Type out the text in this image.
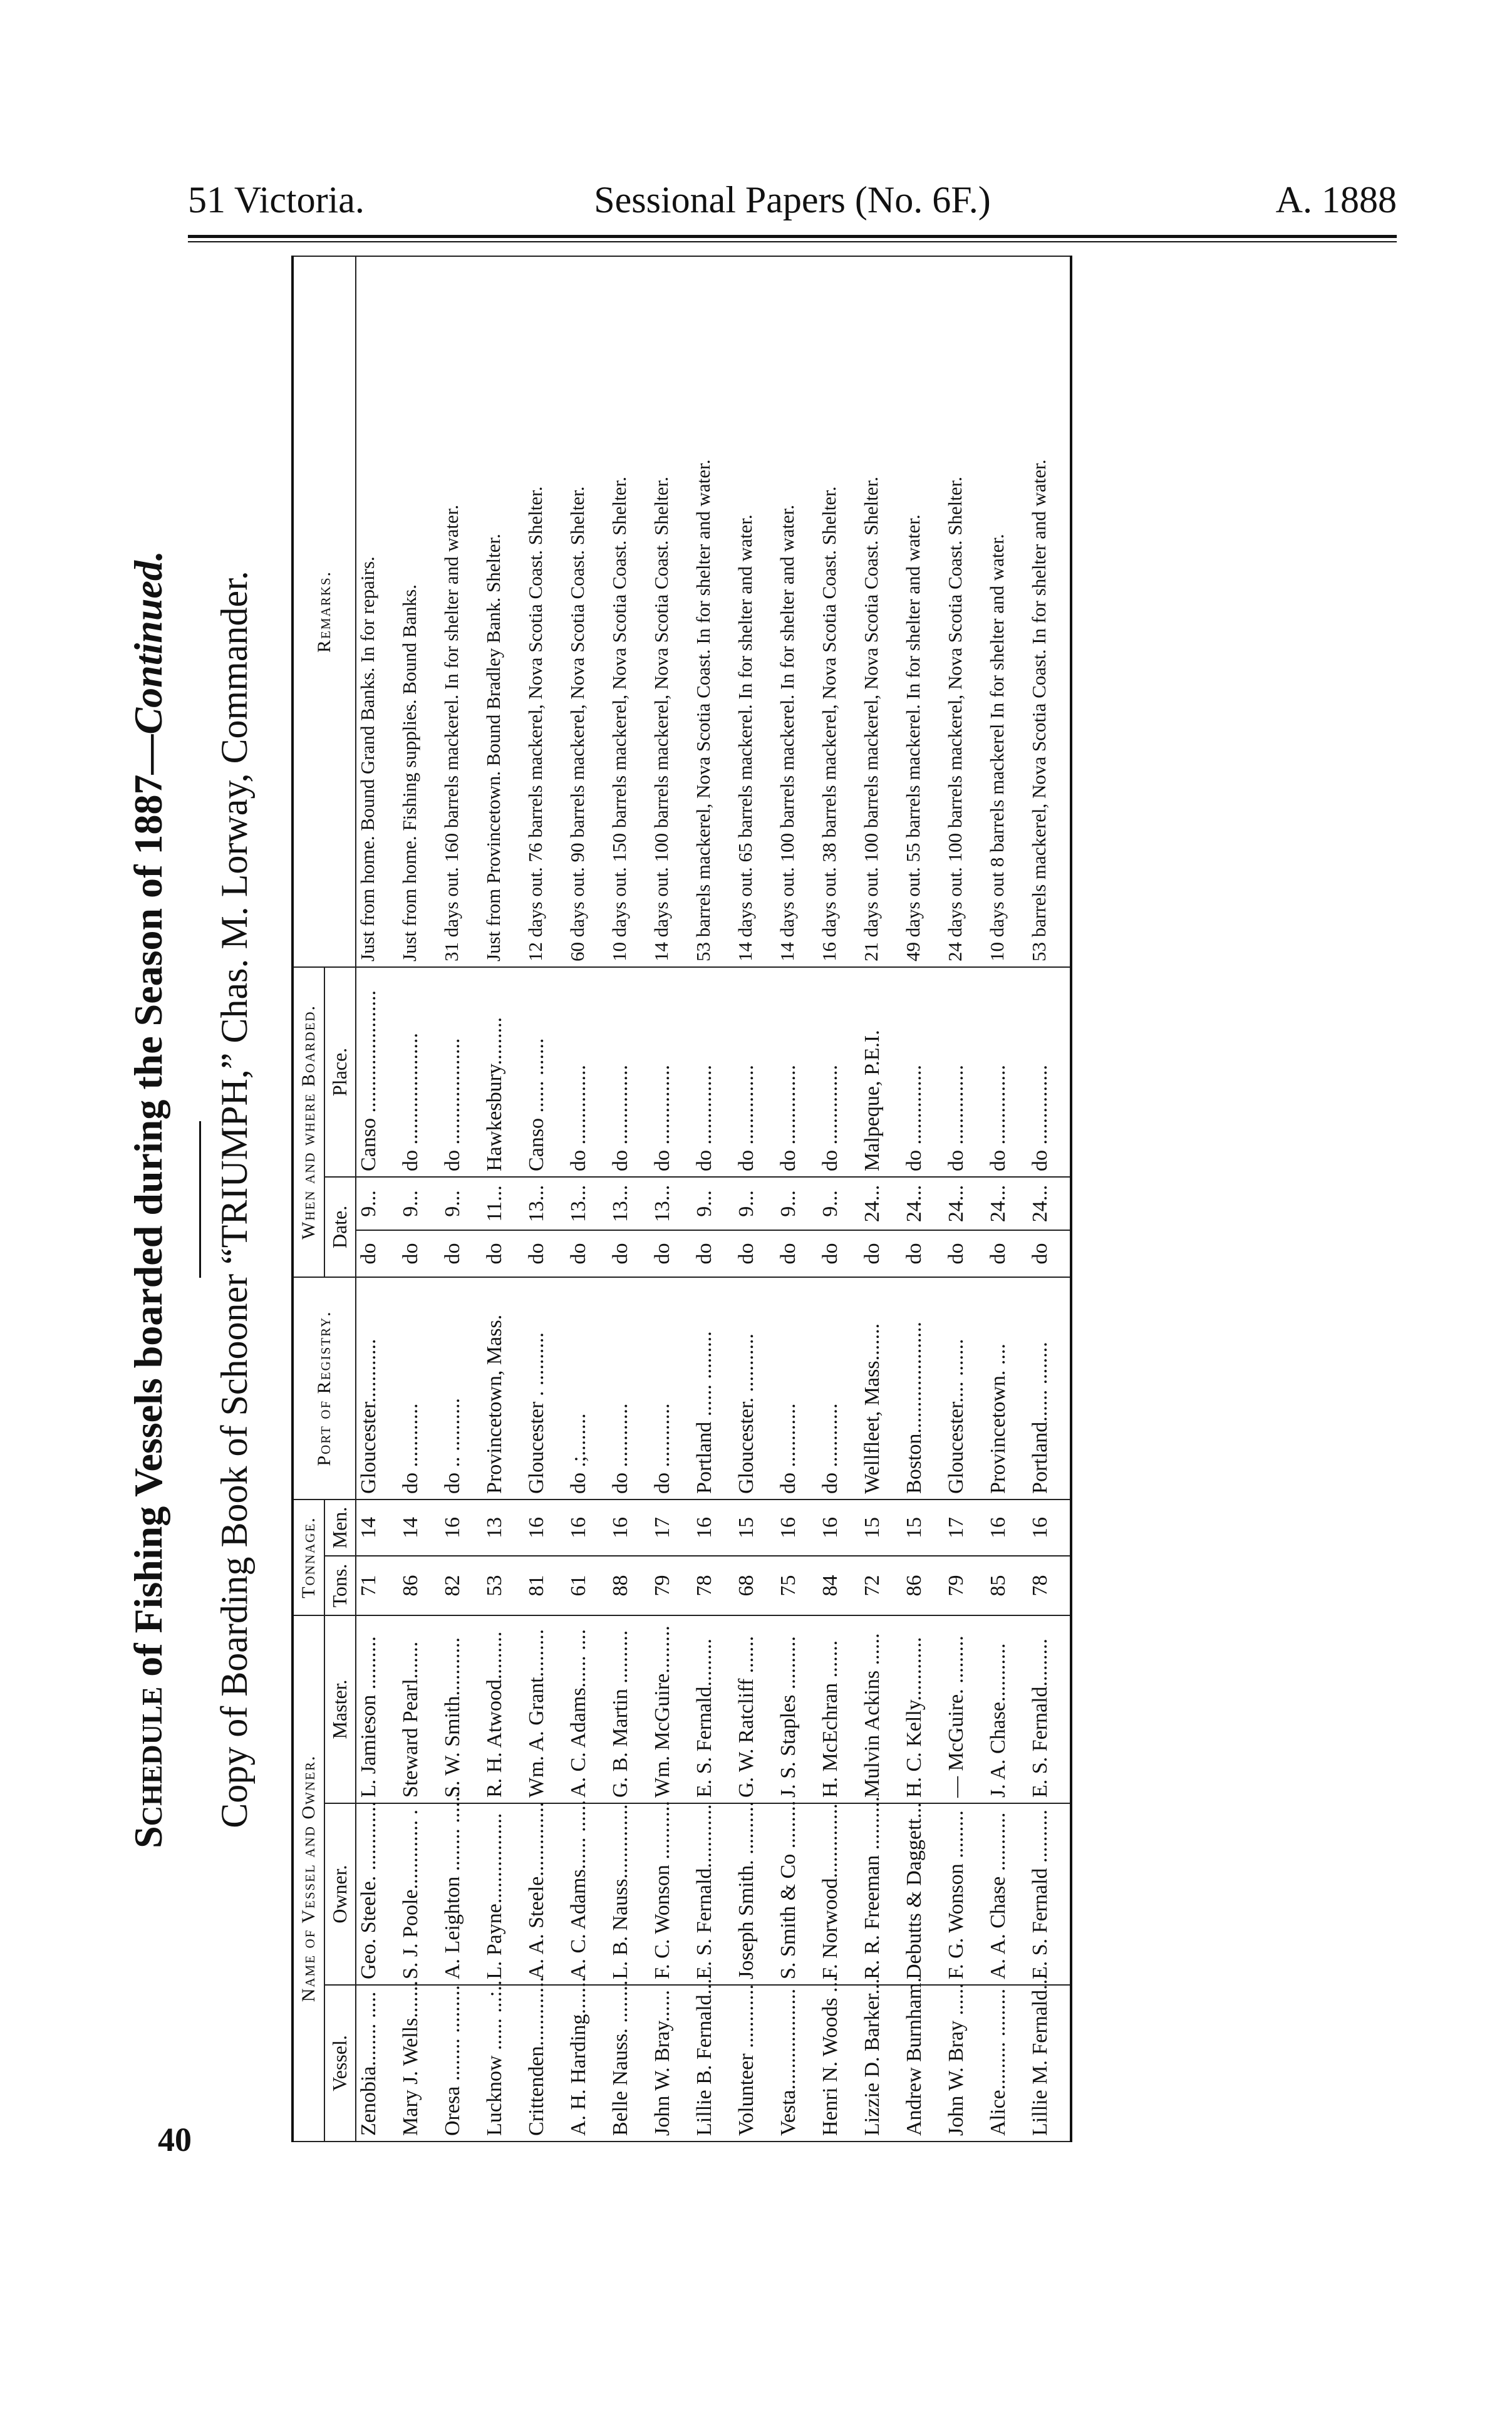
51 Victoria.	Sessional Papers (No. 6F.)	A. 1888
Schedule of Fishing Vessels boarded during the Season of 1887—Continued. Copy of Boarding Book of Schooner “TRIUMPH,” Chas. M. Lorway, Commander.
Name of Vessel and Owner.			Tonnage.		Port of Registry.	When and where Boarded.			Remarks.
Vessel.	Owner.	Master.	Tons.	Men.		Date.		Place.	
Zenobia........ .....	Geo. Steele. .............	L. Jamieson ..........	71	14	Gloucester............	do	9...	Canso .......................	Just from home. Bound Grand Banks. In for repairs.
Mary J. Wells.......	S. J. Poole............. .	Steward Pearl.......	86	14	do ............	do	9...	do .....................	Just from home. Fishing supplies. Bound Banks.
Oresa ........ .........	A. Leighton ........ .......	S. W. Smith...........	82	16	do .. ..........	do	9...	do ....................	31 days out. 160 barrels mackerel. In for shelter and water.
Lucknow ...... ...:..	L. Payne.................	R. H. Atwood.........	53	13	Provincetown, Mass.	do	11...	Hawkesbury.........	Just from Provincetown. Bound Bradley Bank. Shelter.
Crittenden.............	A. A. Steele..............	Wm. A. Grant.........	81	16	Gloucester . ..........	do	13...	Canso ...... .......	12 days out. 76 barrels mackerel, Nova Scotia Coast. Shelter.
A. H. Harding.......	A. C. Adams...... ......	A. C. Adams...... ....	61	16	do .;........	do	13...	do ...............	60 days out. 90 barrels mackerel, Nova Scotia Coast. Shelter.
Belle Nauss. ........	L. B. Nauss..............	G. B. Martin ..........	88	16	do ............	do	13...	do ...............	10 days out. 150 barrels mackerel, Nova Scotia Coast. Shelter.
John W. Bray......	F. C. Wonson ...........	Wm. McGuire.........	79	17	do ............	do	13...	do ...............	14 days out. 100 barrels mackerel, Nova Scotia Coast. Shelter.
Lillie B. Fernald...	E. S. Fernald............	E. S. Fernald.........	78	16	Portland ...... .........	do	9...	do ...............	53 barrels mackerel, Nova Scotia Coast. In for shelter and water.
Volunteer ............	Joseph Smith. ..........	G. W. Ratcliff .......	68	15	Gloucester. ...........	do	9...	do ...............	14 days out. 65 barrels mackerel. In for shelter and water.
Vesta...................	S. Smith & Co .........	J. S. Staples ..........	75	16	do ............	do	9...	do ...............	14 days out. 100 barrels mackerel. In for shelter and water.
Henri N. Woods ...	F. Norwood..............	H. McEchran .......	84	16	do ............	do	9...	do ...............	16 days out. 38 barrels mackerel, Nova Scotia Coast. Shelter.
Lizzie D. Barker...	R. R. Freeman ..........	Mulvin Ackins ......	72	15	Wellfleet, Mass.......	do	24...	Malpeque, P.E.I.	21 days out. 100 barrels mackerel, Nova Scotia Coast. Shelter.
Andrew Burnham.	Debutts & Daggett...	H. C. Kelly............	86	15	Boston.....................	do	24...	do ...............	49 days out. 55 barrels mackerel. In for shelter and water.
John W. Bray ......	F. G. Wonson .........	— McGuire. .........	79	17	Gloucester.... .......	do	24...	do ...............	24 days out. 100 barrels mackerel, Nova Scotia Coast. Shelter.
Alice......... .........	A. A. Chase ...........	J. A. Chase...........	85	16	Provincetown. ....	do	24...	do ...............	10 days out 8 barrels mackerel In for shelter and water.
Lillie M. Fernald...	E. S. Fernald ..........	E. S. Fernald.........	78	16	Portland...... ........	do	24...	do ...............	53 barrels mackerel, Nova Scotia Coast. In for shelter and water.
40
